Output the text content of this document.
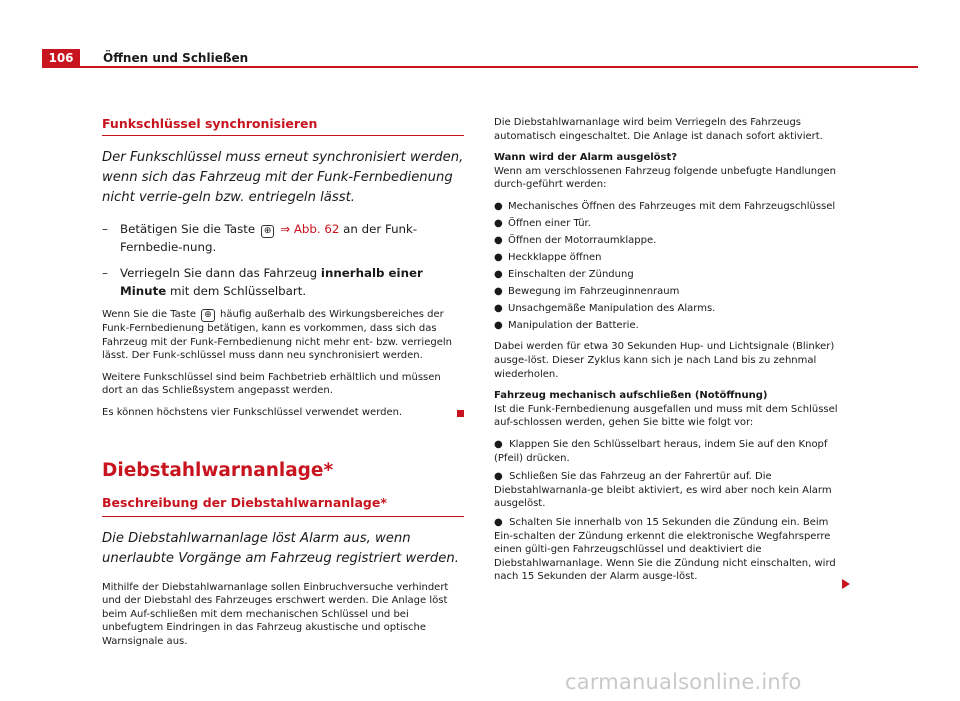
106	Öffnen und Schließen
Funkschlüssel synchronisieren

Der Funkschlüssel muss erneut synchronisiert werden, wenn sich das Fahrzeug mit der Funk-Fernbedienung nicht verrie-geln bzw. entriegeln lässt.

–	Betätigen Sie die Taste ⊕ ⇒ Abb. 62 an der Funk-Fernbedie-nung.
–	Verriegeln Sie dann das Fahrzeug innerhalb einer Minute mit dem Schlüsselbart.

Wenn Sie die Taste ⊕ häufig außerhalb des Wirkungsbereiches der Funk-Fernbedienung betätigen, kann es vorkommen, dass sich das Fahrzeug mit der Funk-Fernbedienung nicht mehr ent- bzw. verriegeln lässt. Der Funk-schlüssel muss dann neu synchronisiert werden.

Weitere Funkschlüssel sind beim Fachbetrieb erhältlich und müssen dort an das Schließsystem angepasst werden.

Es können höchstens vier Funkschlüssel verwendet werden.

Diebstahlwarnanlage*
Beschreibung der Diebstahlwarnanlage*

Die Diebstahlwarnanlage löst Alarm aus, wenn unerlaubte Vorgänge am Fahrzeug registriert werden.

Mithilfe der Diebstahlwarnanlage sollen Einbruchversuche verhindert und der Diebstahl des Fahrzeuges erschwert werden. Die Anlage löst beim Auf-schließen mit dem mechanischen Schlüssel und bei unbefugtem Eindringen in das Fahrzeug akustische und optische Warnsignale aus.

Die Diebstahlwarnanlage wird beim Verriegeln des Fahrzeugs automatisch eingeschaltet. Die Anlage ist danach sofort aktiviert.

Wann wird der Alarm ausgelöst?

Wenn am verschlossenen Fahrzeug folgende unbefugte Handlungen durch-geführt werden:

● Mechanisches Öffnen des Fahrzeuges mit dem Fahrzeugschlüssel
● Öffnen einer Tür.
● Öffnen der Motorraumklappe.
● Heckklappe öffnen
● Einschalten der Zündung
● Bewegung im Fahrzeuginnenraum
● Unsachgemäße Manipulation des Alarms.
● Manipulation der Batterie.

Dabei werden für etwa 30 Sekunden Hup- und Lichtsignale (Blinker) ausge-löst. Dieser Zyklus kann sich je nach Land bis zu zehnmal wiederholen.

Fahrzeug mechanisch aufschließen (Notöffnung)

Ist die Funk-Fernbedienung ausgefallen und muss mit dem Schlüssel auf-schlossen werden, gehen Sie bitte wie folgt vor:

● Klappen Sie den Schlüsselbart heraus, indem Sie auf den Knopf (Pfeil) drücken.

● Schließen Sie das Fahrzeug an der Fahrertür auf. Die Diebstahlwarnanla-ge bleibt aktiviert, es wird aber noch kein Alarm ausgelöst.

● Schalten Sie innerhalb von 15 Sekunden die Zündung ein. Beim Ein-schalten der Zündung erkennt die elektronische Wegfahrsperre einen gülti-gen Fahrzeugschlüssel und deaktiviert die Diebstahlwarnanlage. Wenn Sie die Zündung nicht einschalten, wird nach 15 Sekunden der Alarm ausge-löst.

carmanualsonline.info
